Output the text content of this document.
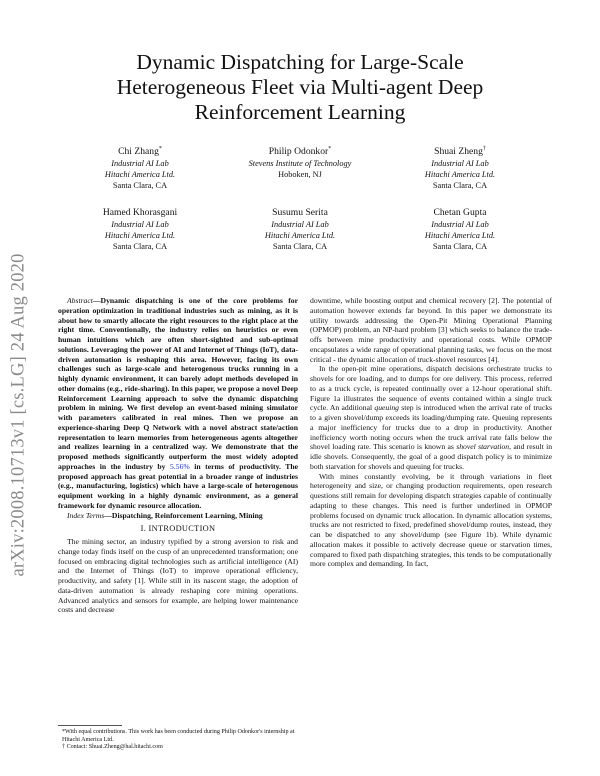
arXiv:2008.10713v1 [cs.LG] 24 Aug 2020
Dynamic Dispatching for Large-Scale
Heterogeneous Fleet via Multi-agent Deep
Reinforcement Learning
Chi Zhang*
Industrial AI Lab
Hitachi America Ltd.
Santa Clara, CA
Philip Odonkor*
Stevens Institute of Technology
Hoboken, NJ
Shuai Zheng†
Industrial AI Lab
Hitachi America Ltd.
Santa Clara, CA
Hamed Khorasgani
Industrial AI Lab
Hitachi America Ltd.
Santa Clara, CA
Susumu Serita
Industrial AI Lab
Hitachi America Ltd.
Santa Clara, CA
Chetan Gupta
Industrial AI Lab
Hitachi America Ltd.
Santa Clara, CA

Abstract—Dynamic dispatching is one of the core problems for operation optimization in traditional industries such as mining, as it is about how to smartly allocate the right resources to the right place at the right time. Conventionally, the industry relies on heuristics or even human intuitions which are often short-sighted and sub-optimal solutions. Leveraging the power of AI and Internet of Things (IoT), data-driven automation is reshaping this area. However, facing its own challenges such as large-scale and heterogenous trucks running in a highly dynamic environment, it can barely adopt methods developed in other domains (e.g., ride-sharing). In this paper, we propose a novel Deep Reinforcement Learning approach to solve the dynamic dispatching problem in mining. We first develop an event-based mining simulator with parameters calibrated in real mines. Then we propose an experience-sharing Deep Q Network with a novel abstract state/action representation to learn memories from heterogeneous agents altogether and realizes learning in a centralized way. We demonstrate that the proposed methods significantly outperform the most widely adopted approaches in the industry by 5.56% in terms of productivity. The proposed approach has great potential in a broader range of industries (e.g., manufacturing, logistics) which have a large-scale of heterogenous equipment working in a highly dynamic environment, as a general framework for dynamic resource allocation.

Index Terms—Dispatching, Reinforcement Learning, Mining

I. INTRODUCTION

The mining sector, an industry typified by a strong aversion to risk and change today finds itself on the cusp of an unprecedented transformation; one focused on embracing digital technologies such as artificial intelligence (AI) and the Internet of Things (IoT) to improve operational efficiency, productivity, and safety [1]. While still in its nascent stage, the adoption of data-driven automation is already reshaping core mining operations. Advanced analytics and sensors for example, are helping lower maintenance costs and decrease

*With equal contributions. This work has been conducted during Philip Odonkor's internship at Hitachi America Ltd.
† Contact: Shuai.Zheng@hal.hitachi.com

downtime, while boosting output and chemical recovery [2]. The potential of automation however extends far beyond. In this paper we demonstrate its utility towards addressing the Open-Pit Mining Operational Planning (OPMOP) problem, an NP-hard problem [3] which seeks to balance the trade-offs between mine productivity and operational costs. While OPMOP encapsulates a wide range of operational planning tasks, we focus on the most critical - the dynamic allocation of truck-shovel resources [4].

In the open-pit mine operations, dispatch decisions orchestrate trucks to shovels for ore loading, and to dumps for ore delivery. This process, referred to as a truck cycle, is repeated continually over a 12-hour operational shift. Figure 1a illustrates the sequence of events contained within a single truck cycle. An additional queuing step is introduced when the arrival rate of trucks to a given shovel/dump exceeds its loading/dumping rate. Queuing represents a major inefficiency for trucks due to a drop in productivity. Another inefficiency worth noting occurs when the truck arrival rate falls below the shovel loading rate. This scenario is known as shovel starvation, and result in idle shovels. Consequently, the goal of a good dispatch policy is to minimize both starvation for shovels and queuing for trucks.

With mines constantly evolving, be it through variations in fleet heterogeneity and size, or changing production requirements, open research questions still remain for developing dispatch strategies capable of continually adapting to these changes. This need is further underlined in OPMOP problems focused on dynamic truck allocation. In dynamic allocation systems, trucks are not restricted to fixed, predefined shovel/dump routes, instead, they can be dispatched to any shovel/dump (see Figure 1b). While dynamic allocation makes it possible to actively decrease queue or starvation times, compared to fixed path dispatching strategies, this tends to be computationally more complex and demanding. In fact,
